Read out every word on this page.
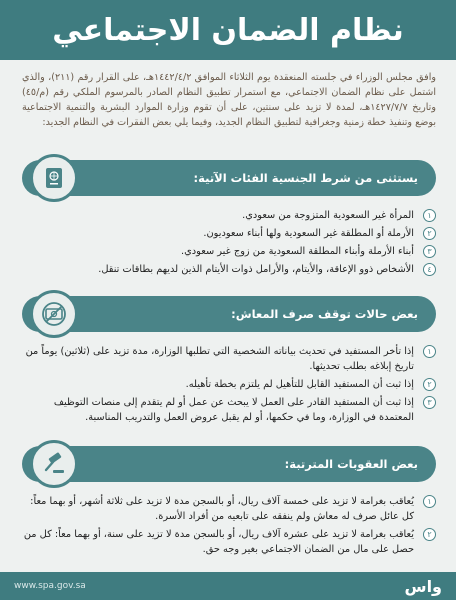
نظام الضمان الاجتماعي

وافق مجلس الوزراء في جلسته المنعقدة يوم الثلاثاء الموافق ١٤٤٢/٤/٢هـ، على القرار رقم (٢١١)، والذي اشتمل على نظام الضمان الاجتماعي، مع استمرار تطبيق النظام الصادر بالمرسوم الملكي رقم (م/٤٥) وتاريخ ١٤٢٧/٧/٧هـ، لمدة لا تزيد على سنتين، على أن تقوم وزارة الموارد البشرية والتنمية الاجتماعية بوضع وتنفيذ خطة زمنية وجغرافية لتطبيق النظام الجديد، وفيما يلي بعض الفقرات في النظام الجديد:

يستثنى من شرط الجنسية الفئات الآتية:
١
المرأة غير السعودية المتزوجة من سعودي.
٢
الأرملة أو المطلقة غير السعودية ولها أبناء سعوديون.
٣
أبناء الأرملة وأبناء المطلقة السعودية من زوج غير سعودي.
٤
الأشخاص ذوو الإعاقة، والأيتام، والأرامل ذوات الأيتام الذين لديهم بطاقات تنقل.
بعض حالات توقف صرف المعاش:
١
إذا تأخر المستفيد في تحديث بياناته الشخصية التي تطلبها الوزارة، مدة تزيد على (ثلاثين) يوماً من تاريخ إبلاغه بطلب تحديثها.
٢
إذا ثبت أن المستفيد القابل للتأهيل لم يلتزم بخطة تأهيله.
٣
إذا ثبت أن المستفيد القادر على العمل لا يبحث عن عمل أو لم يتقدم إلى منصات التوظيف المعتمدة في الوزارة، وما في حكمها، أو لم يقبل عروض العمل والتدريب المناسبة.
بعض العقوبات المترتبة:
١
يُعاقب بغرامة لا تزيد على خمسة آلاف ريال، أو بالسجن مدة لا تزيد على ثلاثة أشهر، أو بهما معاً: كل عائل صرف له معاش ولم ينفقه على تابعيه من أفراد الأسرة.
٢
يُعاقب بغرامة لا تزيد على عشرة آلاف ريال، أو بالسجن مدة لا تزيد على سنة، أو بهما معاً: كل من حصل على مال من الضمان الاجتماعي بغير وجه حق.
www.spa.gov.sa	واس
